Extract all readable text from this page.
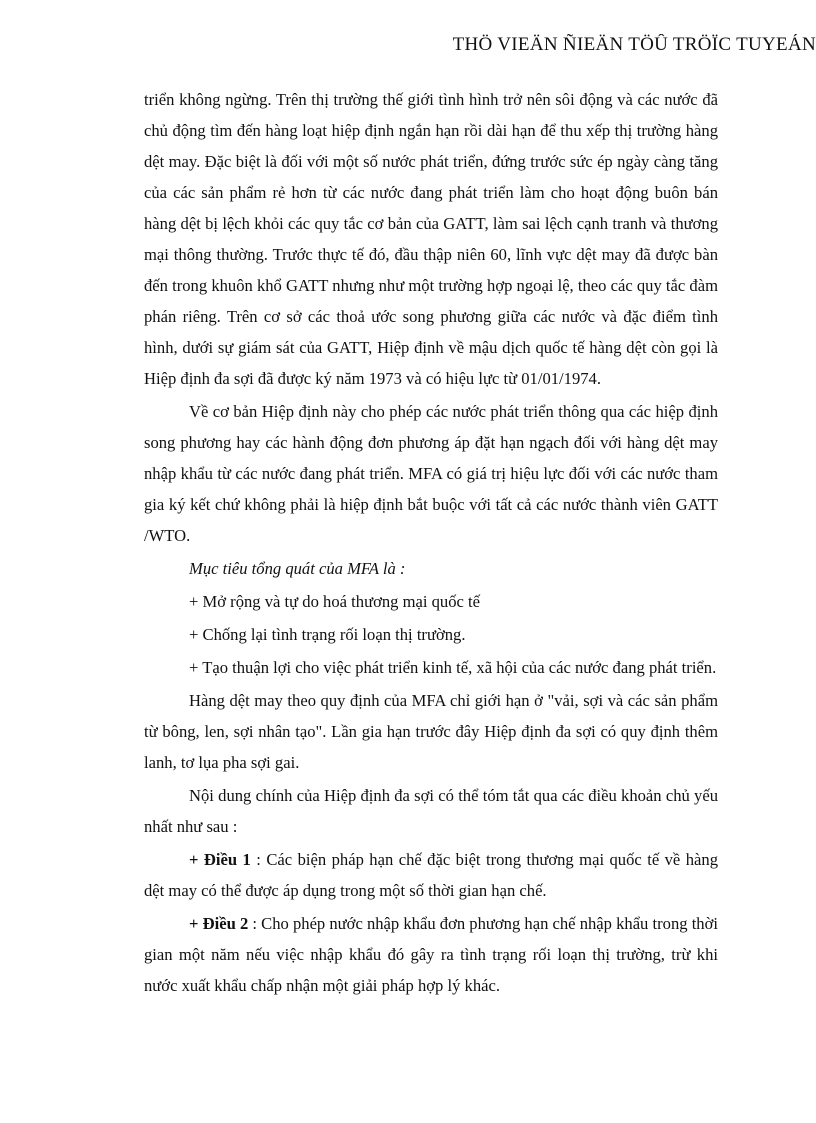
THÖ VIEÄN ÑIEÄN TÖÛ TRÖÏC TUYEÁN

triển không ngừng. Trên thị trường thế giới tình hình trở nên sôi động và các nước đã chủ động tìm đến hàng loạt hiệp định ngắn hạn rồi dài hạn để thu xếp thị trường hàng dệt may. Đặc biệt là đối với một số nước phát triển, đứng trước sức ép ngày càng tăng của các sản phẩm rẻ hơn từ các nước đang phát triển làm cho hoạt động buôn bán hàng dệt bị lệch khỏi các quy tắc cơ bản của GATT, làm sai lệch cạnh tranh và thương mại thông thường. Trước thực tế đó, đầu thập niên 60, lĩnh vực dệt may đã được bàn đến trong khuôn khổ GATT nhưng như một trường hợp ngoại lệ, theo các quy tắc đàm phán riêng. Trên cơ sở các thoả ước song phương giữa các nước và đặc điểm tình hình, dưới sự giám sát của GATT, Hiệp định về mậu dịch quốc tế hàng dệt còn gọi là Hiệp định đa sợi đã được ký năm 1973 và có hiệu lực từ 01/01/1974.

Về cơ bản Hiệp định này cho phép các nước phát triển thông qua các hiệp định song phương hay các hành động đơn phương áp đặt hạn ngạch đối với hàng dệt may nhập khẩu từ các nước đang phát triển. MFA có giá trị hiệu lực đối với các nước tham gia ký kết chứ không phải là hiệp định bắt buộc với tất cả các nước thành viên GATT /WTO.

Mục tiêu tổng quát của MFA là :

+ Mở rộng và tự do hoá thương mại quốc tế

+ Chống lại tình trạng rối loạn thị trường.

+ Tạo thuận lợi cho việc phát triển kinh tế, xã hội của các nước đang phát triển.

Hàng dệt may theo quy định của MFA chỉ giới hạn ở "vải, sợi và các sản phẩm từ bông, len, sợi nhân tạo". Lần gia hạn trước đây Hiệp định đa sợi có quy định thêm lanh, tơ lụa pha sợi gai.

Nội dung chính của Hiệp định đa sợi có thể tóm tắt qua các điều khoản chủ yếu nhất như sau :

+ Điều 1 : Các biện pháp hạn chế đặc biệt trong thương mại quốc tế về hàng dệt may có thể được áp dụng trong một số thời gian hạn chế.

+ Điều 2 : Cho phép nước nhập khẩu đơn phương hạn chế nhập khẩu trong thời gian một năm nếu việc nhập khẩu đó gây ra tình trạng rối loạn thị trường, trừ khi nước xuất khẩu chấp nhận một giải pháp hợp lý khác.
